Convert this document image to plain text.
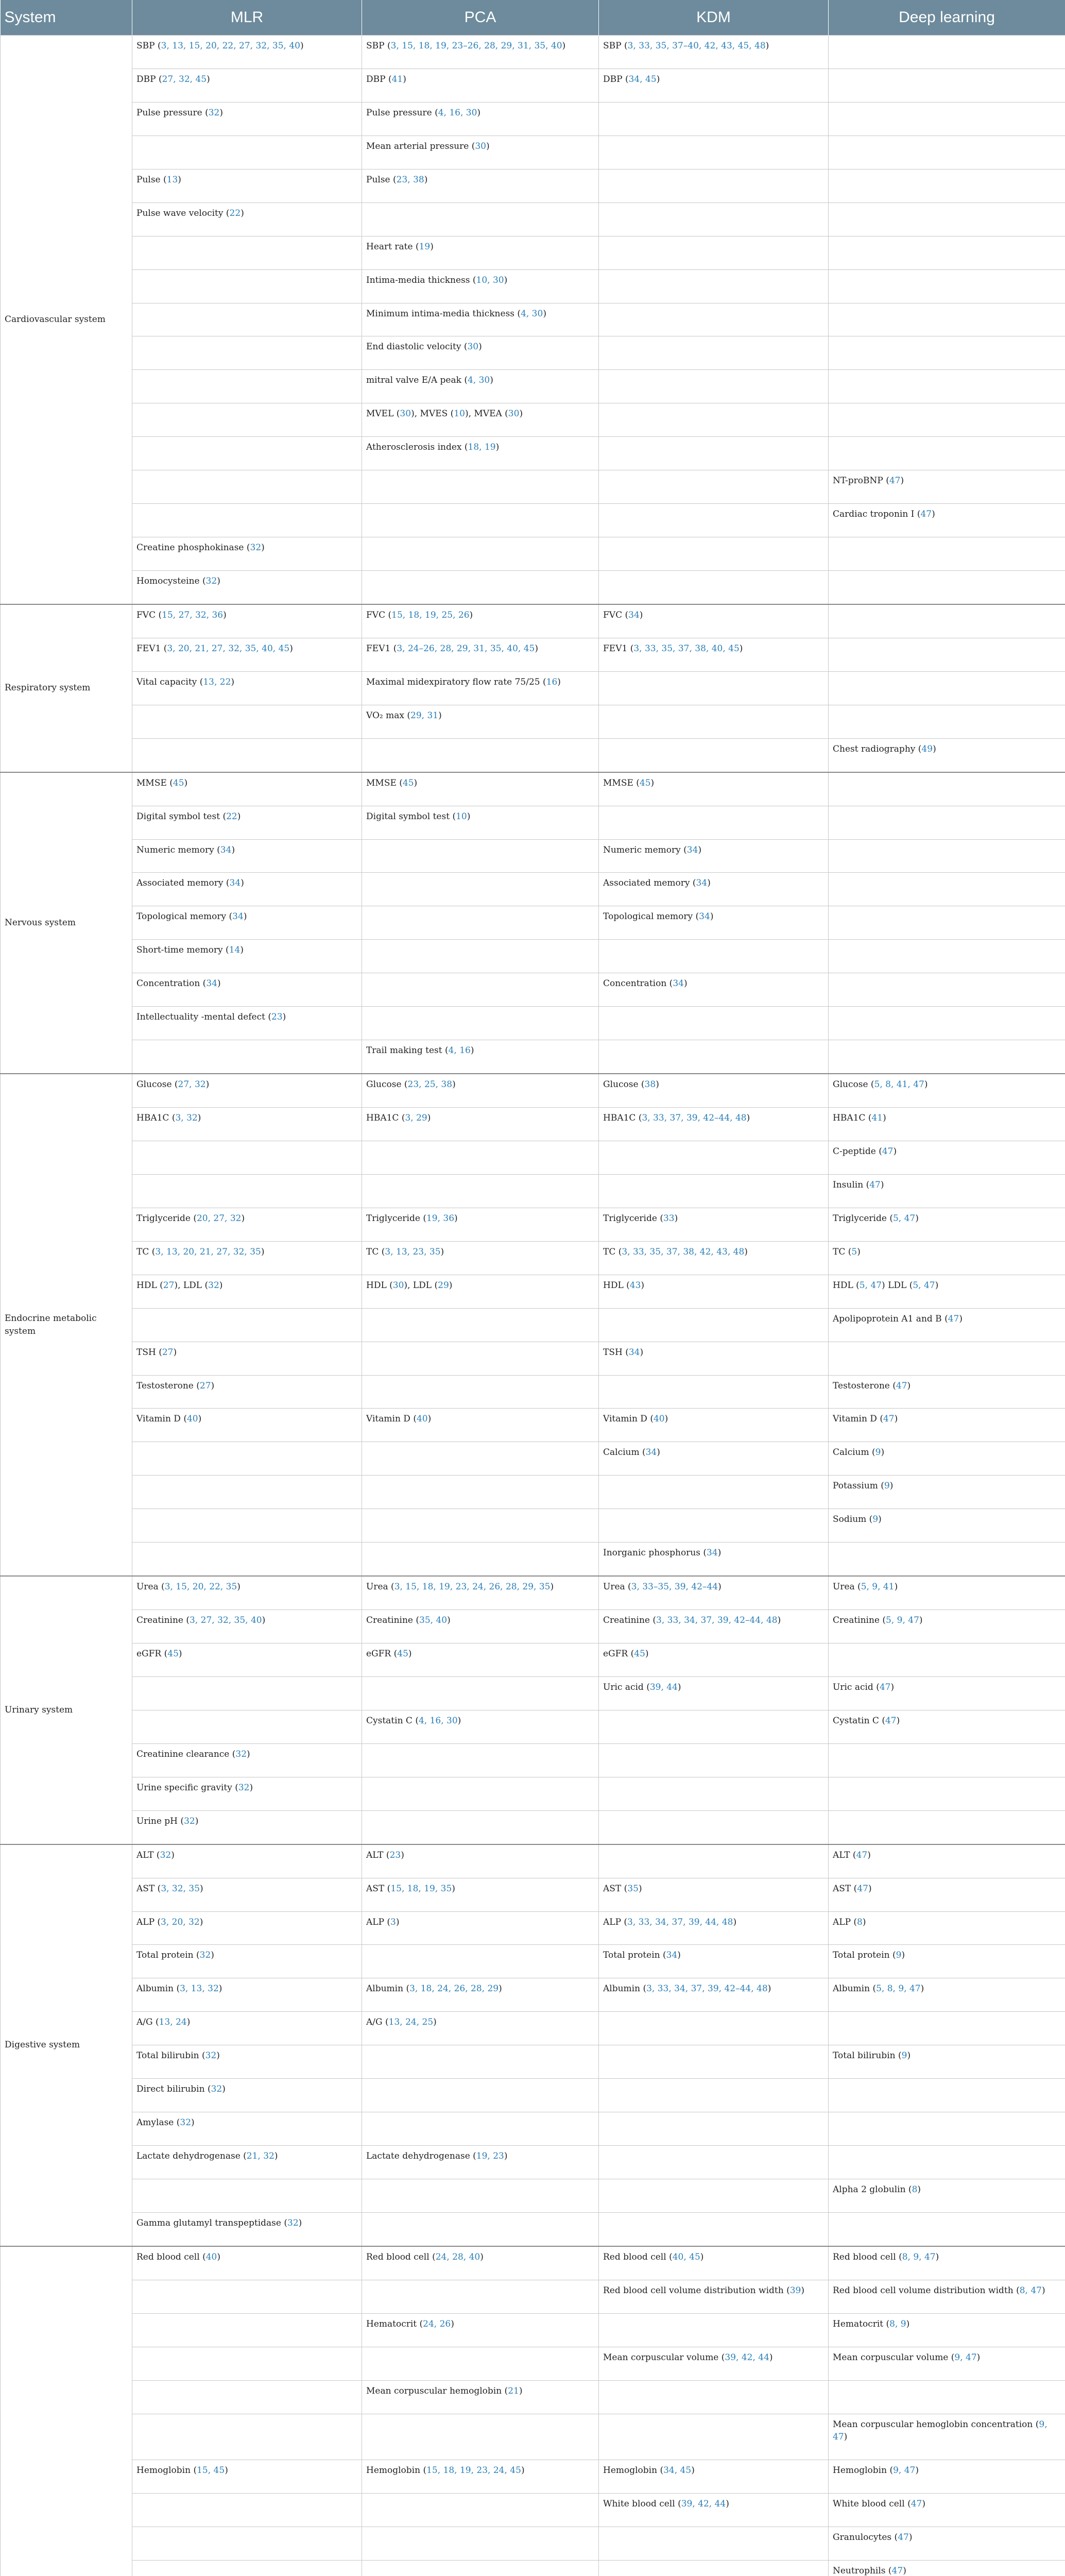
System	MLR	PCA	KDM	Deep learning
Cardiovascular system	SBP (3, 13, 15, 20, 22, 27, 32, 35, 40)	SBP (3, 15, 18, 19, 23–26, 28, 29, 31, 35, 40)	SBP (3, 33, 35, 37–40, 42, 43, 45, 48)	
	DBP (27, 32, 45)	DBP (41)	DBP (34, 45)	
	Pulse pressure (32)	Pulse pressure (4, 16, 30)		
		Mean arterial pressure (30)		
	Pulse (13)	Pulse (23, 38)		
	Pulse wave velocity (22)			
		Heart rate (19)		
		Intima-media thickness (10, 30)		
		Minimum intima-media thickness (4, 30)		
		End diastolic velocity (30)		
		mitral valve E/A peak (4, 30)		
		MVEL (30), MVES (10), MVEA (30)		
		Atherosclerosis index (18, 19)		
				NT-proBNP (47)
				Cardiac troponin I (47)
	Creatine phosphokinase (32)			
	Homocysteine (32)			
Respiratory system	FVC (15, 27, 32, 36)	FVC (15, 18, 19, 25, 26)	FVC (34)	
	FEV1 (3, 20, 21, 27, 32, 35, 40, 45)	FEV1 (3, 24–26, 28, 29, 31, 35, 40, 45)	FEV1 (3, 33, 35, 37, 38, 40, 45)	
	Vital capacity (13, 22)	Maximal midexpiratory flow rate 75/25 (16)		
		VO₂ max (29, 31)		
				Chest radiography (49)
Nervous system	MMSE (45)	MMSE (45)	MMSE (45)	
	Digital symbol test (22)	Digital symbol test (10)		
	Numeric memory (34)		Numeric memory (34)	
	Associated memory (34)		Associated memory (34)	
	Topological memory (34)		Topological memory (34)	
	Short-time memory (14)			
	Concentration (34)		Concentration (34)	
	Intellectuality -mental defect (23)			
		Trail making test (4, 16)		
Endocrine metabolic system	Glucose (27, 32)	Glucose (23, 25, 38)	Glucose (38)	Glucose (5, 8, 41, 47)
	HBA1C (3, 32)	HBA1C (3, 29)	HBA1C (3, 33, 37, 39, 42–44, 48)	HBA1C (41)
				C-peptide (47)
				Insulin (47)
	Triglyceride (20, 27, 32)	Triglyceride (19, 36)	Triglyceride (33)	Triglyceride (5, 47)
	TC (3, 13, 20, 21, 27, 32, 35)	TC (3, 13, 23, 35)	TC (3, 33, 35, 37, 38, 42, 43, 48)	TC (5)
	HDL (27), LDL (32)	HDL (30), LDL (29)	HDL (43)	HDL (5, 47) LDL (5, 47)
				Apolipoprotein A1 and B (47)
	TSH (27)		TSH (34)	
	Testosterone (27)			Testosterone (47)
	Vitamin D (40)	Vitamin D (40)	Vitamin D (40)	Vitamin D (47)
			Calcium (34)	Calcium (9)
				Potassium (9)
				Sodium (9)
			Inorganic phosphorus (34)	
Urinary system	Urea (3, 15, 20, 22, 35)	Urea (3, 15, 18, 19, 23, 24, 26, 28, 29, 35)	Urea (3, 33–35, 39, 42–44)	Urea (5, 9, 41)
	Creatinine (3, 27, 32, 35, 40)	Creatinine (35, 40)	Creatinine (3, 33, 34, 37, 39, 42–44, 48)	Creatinine (5, 9, 47)
	eGFR (45)	eGFR (45)	eGFR (45)	
			Uric acid (39, 44)	Uric acid (47)
		Cystatin C (4, 16, 30)		Cystatin C (47)
	Creatinine clearance (32)			
	Urine specific gravity (32)			
	Urine pH (32)			
Digestive system	ALT (32)	ALT (23)		ALT (47)
	AST (3, 32, 35)	AST (15, 18, 19, 35)	AST (35)	AST (47)
	ALP (3, 20, 32)	ALP (3)	ALP (3, 33, 34, 37, 39, 44, 48)	ALP (8)
	Total protein (32)		Total protein (34)	Total protein (9)
	Albumin (3, 13, 32)	Albumin (3, 18, 24, 26, 28, 29)	Albumin (3, 33, 34, 37, 39, 42–44, 48)	Albumin (5, 8, 9, 47)
	A/G (13, 24)	A/G (13, 24, 25)		
	Total bilirubin (32)			Total bilirubin (9)
	Direct bilirubin (32)			
	Amylase (32)			
	Lactate dehydrogenase (21, 32)	Lactate dehydrogenase (19, 23)		
				Alpha 2 globulin (8)
	Gamma glutamyl transpeptidase (32)			
	Red blood cell (40)	Red blood cell (24, 28, 40)	Red blood cell (40, 45)	Red blood cell (8, 9, 47)
			Red blood cell volume distribution width (39)	Red blood cell volume distribution width (8, 47)
		Hematocrit (24, 26)		Hematocrit (8, 9)
			Mean corpuscular volume (39, 42, 44)	Mean corpuscular volume (9, 47)
		Mean corpuscular hemoglobin (21)		
				Mean corpuscular hemoglobin concentration (9, 47)
	Hemoglobin (15, 45)	Hemoglobin (15, 18, 19, 23, 24, 45)	Hemoglobin (34, 45)	Hemoglobin (9, 47)
			White blood cell (39, 42, 44)	White blood cell (47)
				Granulocytes (47)
				Neutrophils (47)
